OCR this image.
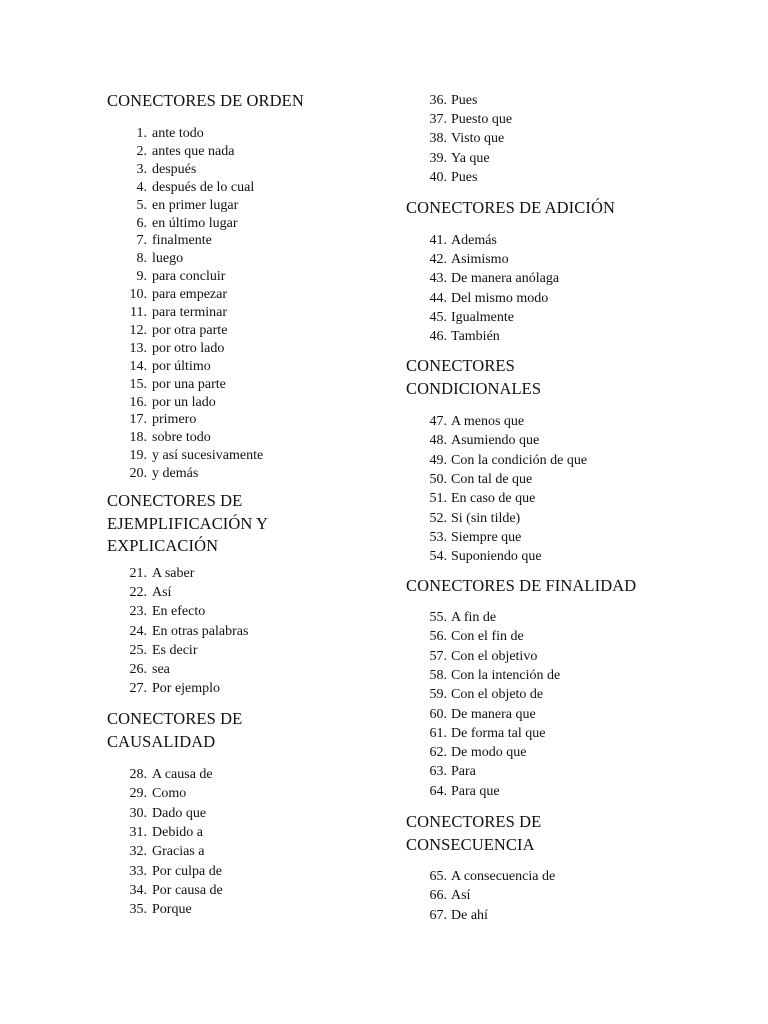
CONECTORES DE ORDEN
1. ante todo
2. antes que nada
3. después
4. después de lo cual
5. en primer lugar
6. en último lugar
7. finalmente
8. luego
9. para concluir
10. para empezar
11. para terminar
12. por otra parte
13. por otro lado
14. por último
15. por una parte
16. por un lado
17. primero
18. sobre todo
19. y así sucesivamente
20. y demás
CONECTORES DE
EJEMPLIFICACIÓN Y
EXPLICACIÓN
21. A saber
22. Así
23. En efecto
24. En otras palabras
25. Es decir
26. sea
27. Por ejemplo
CONECTORES DE
CAUSALIDAD
28. A causa de
29. Como
30. Dado que
31. Debido a
32. Gracias a
33. Por culpa de
34. Por causa de
35. Porque
36. Pues
37. Puesto que
38. Visto que
39. Ya que
40. Pues
CONECTORES DE ADICIÓN
41. Además
42. Asimismo
43. De manera anólaga
44. Del mismo modo
45. Igualmente
46. También
CONECTORES
CONDICIONALES
47. A menos que
48. Asumiendo que
49. Con la condición de que
50. Con tal de que
51. En caso de que
52. Si (sin tilde)
53. Siempre que
54. Suponiendo que
CONECTORES DE FINALIDAD
55. A fin de
56. Con el fin de
57. Con el objetivo
58. Con la intención de
59. Con el objeto de
60. De manera que
61. De forma tal que
62. De modo que
63. Para
64. Para que
CONECTORES DE
CONSECUENCIA
65. A consecuencia de
66. Así
67. De ahí
